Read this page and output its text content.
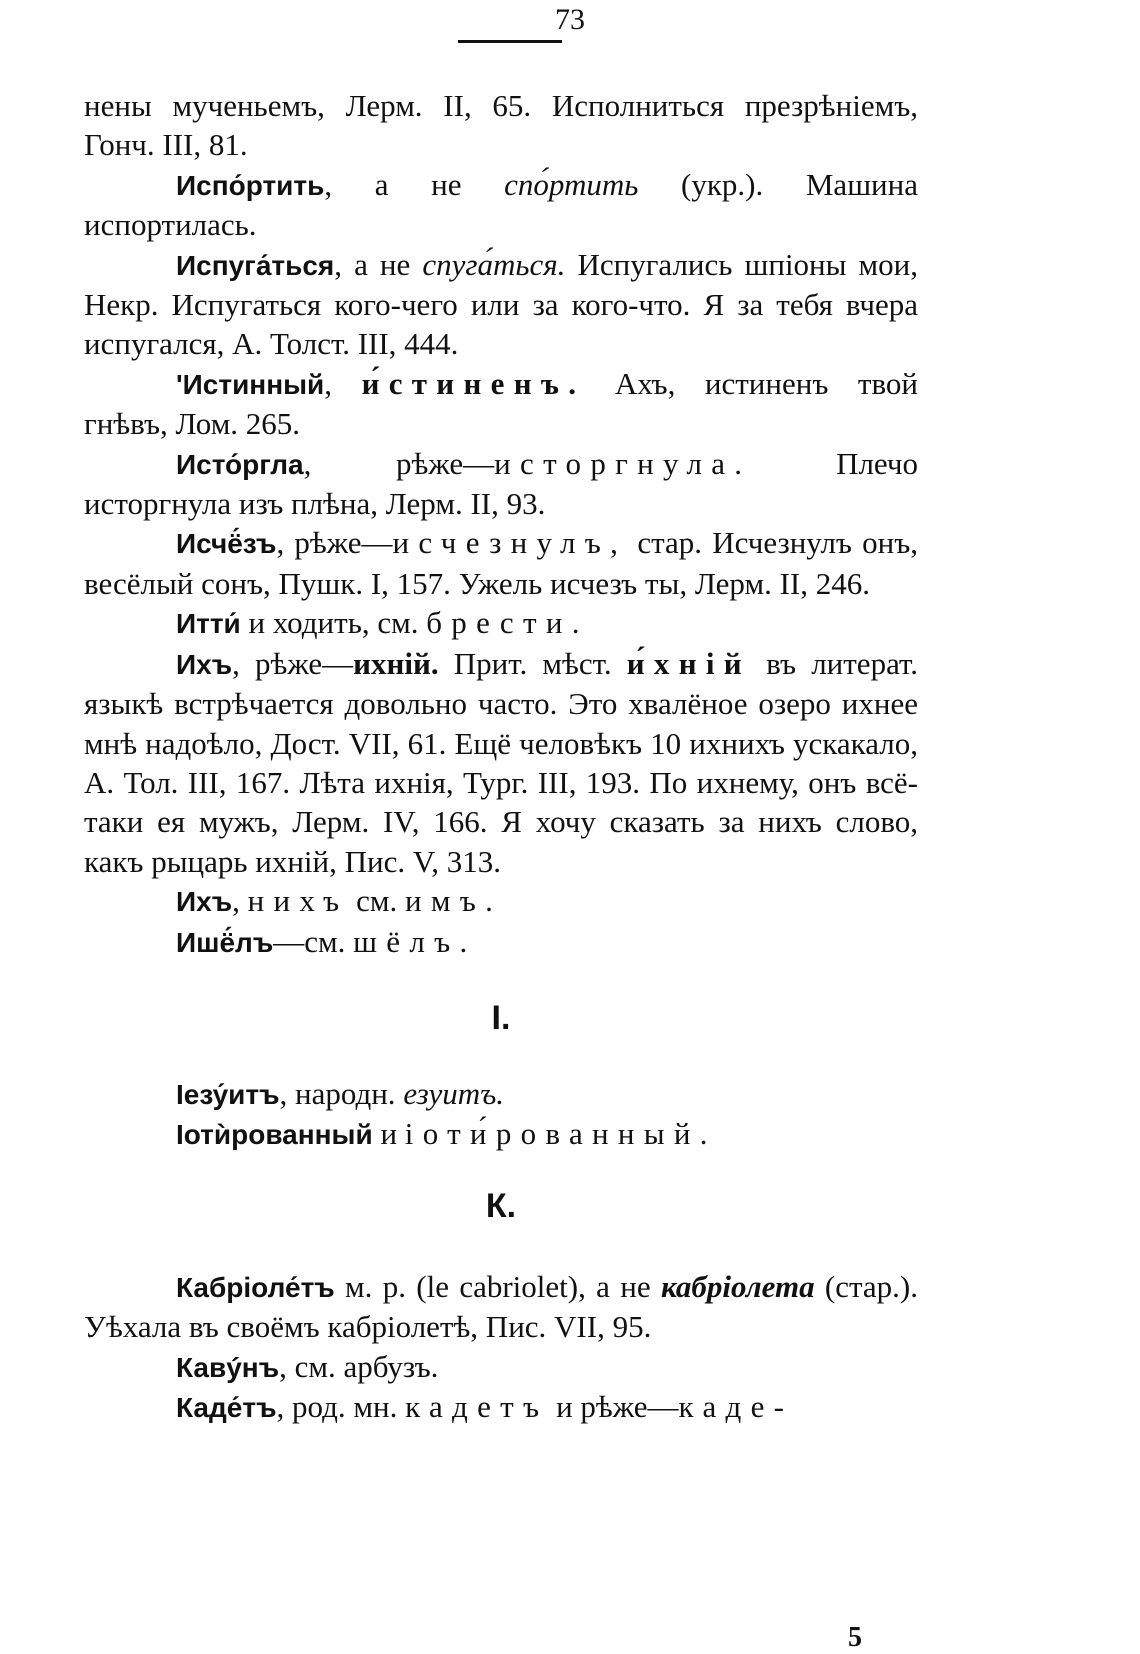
73

нены мученьемъ, Лерм. II, 65. Исполниться презрѣніемъ, Гонч. III, 81.

Испо́ртить, а не спо́ртить (укр.). Машина испортилась.

Испуга́ться, а не спуга́ться. Испугались шпіоны мои, Некр. Испугаться кого-чего или за кого-что. Я за тебя вчера испугался, А. Толст. III, 444.

'Истинный, и́стиненъ. Ахъ, истиненъ твой гнѣвъ, Лом. 265.

Исто́ргла, рѣже—исторгнула. Плечо исторгнула изъ плѣна, Лерм. II, 93.

Исчё́зъ, рѣже—исчезнулъ, стар. Исчезнулъ онъ, весёлый сонъ, Пушк. I, 157. Ужель исчезъ ты, Лерм. II, 246.

Итти́ и ходить, см. брести.

Ихъ, рѣже—ихній. Прит. мѣст. и́хній въ литерат. языкѣ встрѣчается довольно часто. Это хвалёное озеро ихнее мнѣ надоѣло, Дост. VII, 61. Ещё человѣкъ 10 ихнихъ ускакало, А. Тол. III, 167. Лѣта ихнія, Тург. III, 193. По ихнему, онъ всё-таки ея мужъ, Лерм. IV, 166. Я хочу сказать за нихъ слово, какъ рыцарь ихній, Пис. V, 313.

Ихъ, нихъ см. имъ.

Ишё́лъ—см. шёлъ.

І.

Іезу́итъ, народн. езуитъ.

Іотѝрованный и іоти́рованный.

К.

Кабріоле́тъ м. р. (le cabriolet), а не кабріолета (стар.). Уѣхала въ своёмъ кабріолетѣ, Пис. VII, 95.

Кавýнъ, см. арбузъ.

Каде́тъ, род. мн. кадетъ и рѣже—каде-

5
